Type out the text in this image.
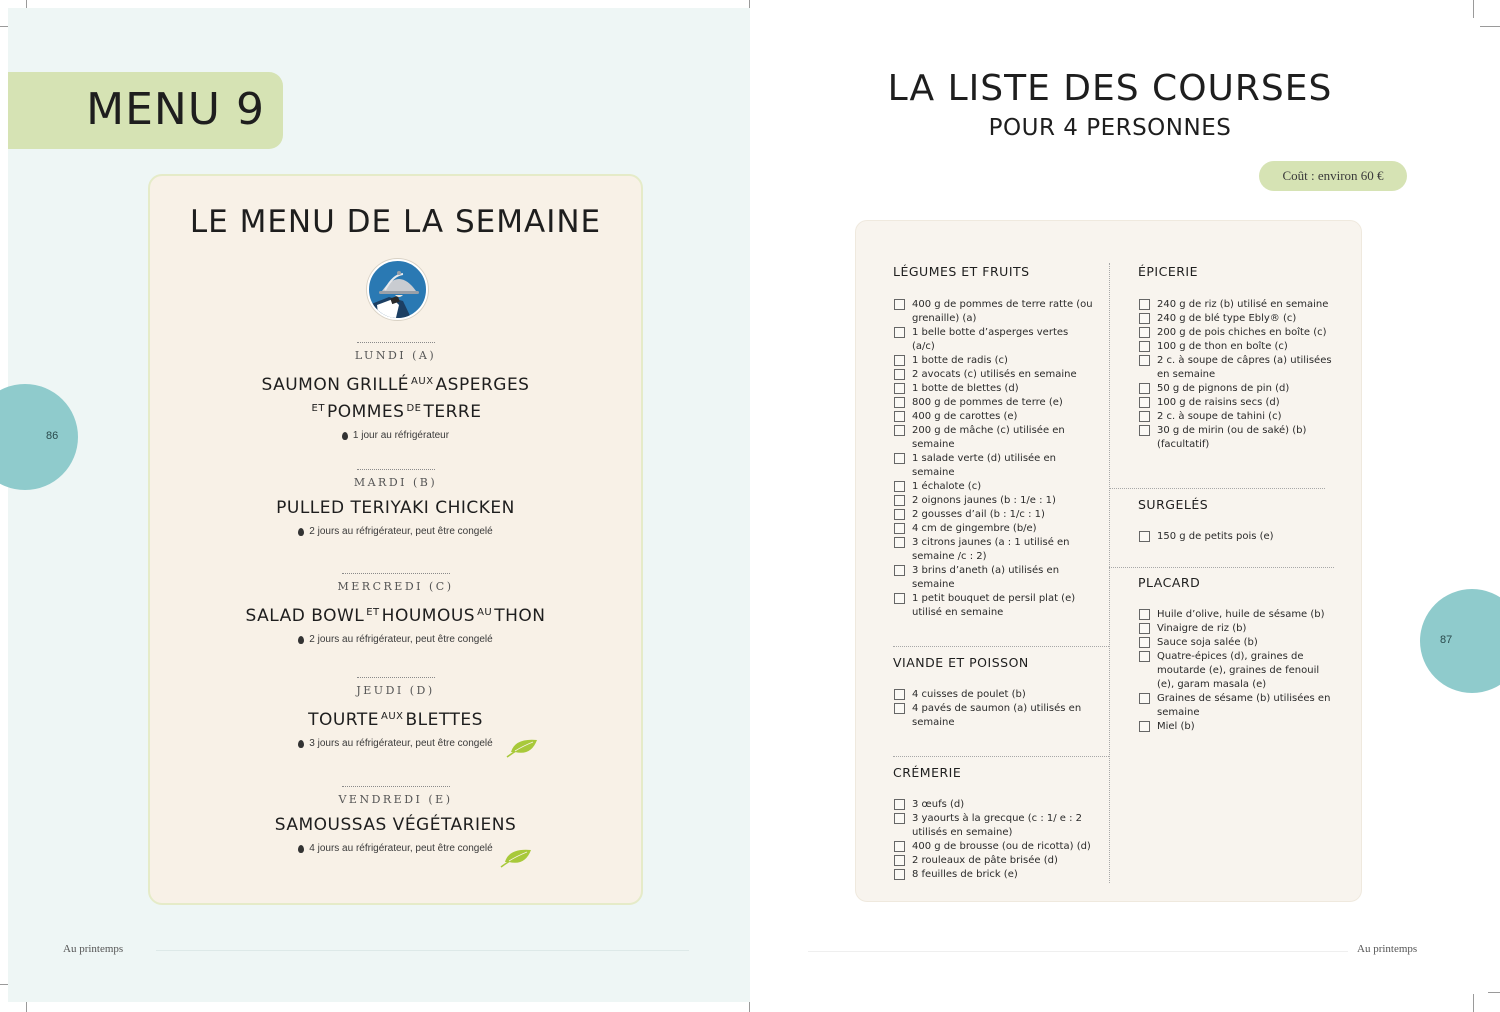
MENU 9
86
LE MENU DE LA SEMAINE
LUNDI (A)
SAUMON GRILLÉ $^{AUX}$ ASPERGES
$^{ET}$ POMMES $^{DE}$ TERRE
1 jour au réfrigérateur
MARDI (B)
PULLED TERIYAKI CHICKEN
2 jours au réfrigérateur, peut être congelé
MERCREDI (C)
SALAD BOWL $^{ET}$ HOUMOUS $^{AU}$ THON
2 jours au réfrigérateur, peut être congelé
JEUDI (D)
TOURTE $^{AUX}$ BLETTES
3 jours au réfrigérateur, peut être congelé
VENDREDI (E)
SAMOUSSAS VÉGÉTARIENS
4 jours au réfrigérateur, peut être congelé
Au printemps
LA LISTE DES COURSES
POUR 4 PERSONNES
Coût : environ 60 €
LÉGUMES ET FRUITS
400 g de pommes de terre ratte (ou grenaille) (a)
1 belle botte d’asperges vertes (a/c)
1 botte de radis (c)
2 avocats (c) utilisés en semaine
1 botte de blettes (d)
800 g de pommes de terre (e)
400 g de carottes (e)
200 g de mâche (c) utilisée en semaine
1 salade verte (d) utilisée en semaine
1 échalote (c)
2 oignons jaunes (b : 1/e : 1)
2 gousses d’ail (b : 1/c : 1)
4 cm de gingembre (b/e)
3 citrons jaunes (a : 1 utilisé en semaine /c : 2)
3 brins d’aneth (a) utilisés en semaine
1 petit bouquet de persil plat (e) utilisé en semaine
VIANDE ET POISSON
4 cuisses de poulet (b)
4 pavés de saumon (a) utilisés en semaine
CRÉMERIE
3 œufs (d)
3 yaourts à la grecque (c : 1/ e : 2 utilisés en semaine)
400 g de brousse (ou de ricotta) (d)
2 rouleaux de pâte brisée (d)
8 feuilles de brick (e)
ÉPICERIE
240 g de riz (b) utilisé en semaine
240 g de blé type Ebly® (c)
200 g de pois chiches en boîte (c)
100 g de thon en boîte (c)
2 c. à soupe de câpres (a) utilisées en semaine
50 g de pignons de pin (d)
100 g de raisins secs (d)
2 c. à soupe de tahini (c)
30 g de mirin (ou de saké) (b) (facultatif)
SURGELÉS
150 g de petits pois (e)
PLACARD
Huile d’olive, huile de sésame (b)
Vinaigre de riz (b)
Sauce soja salée (b)
Quatre-épices (d), graines de moutarde (e), graines de fenouil (e), garam masala (e)
Graines de sésame (b) utilisées en semaine
Miel (b)
87
Au printemps
